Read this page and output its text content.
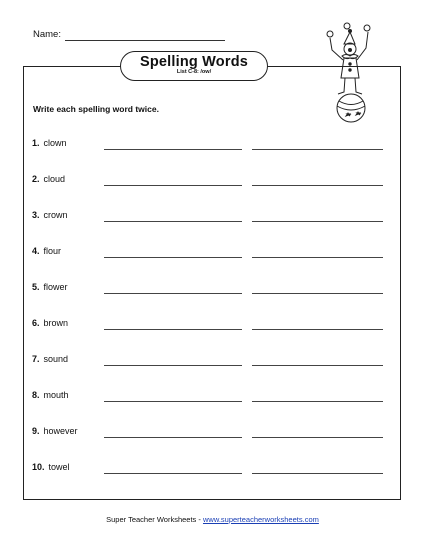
Name:
Spelling Words
List C-8: /ow/
Write each spelling word twice.
1. clown
2. cloud
3. crown
4. flour
5. flower
6. brown
7. sound
8. mouth
9. however
10. towel
Super Teacher Worksheets - www.superteacherworksheets.com
